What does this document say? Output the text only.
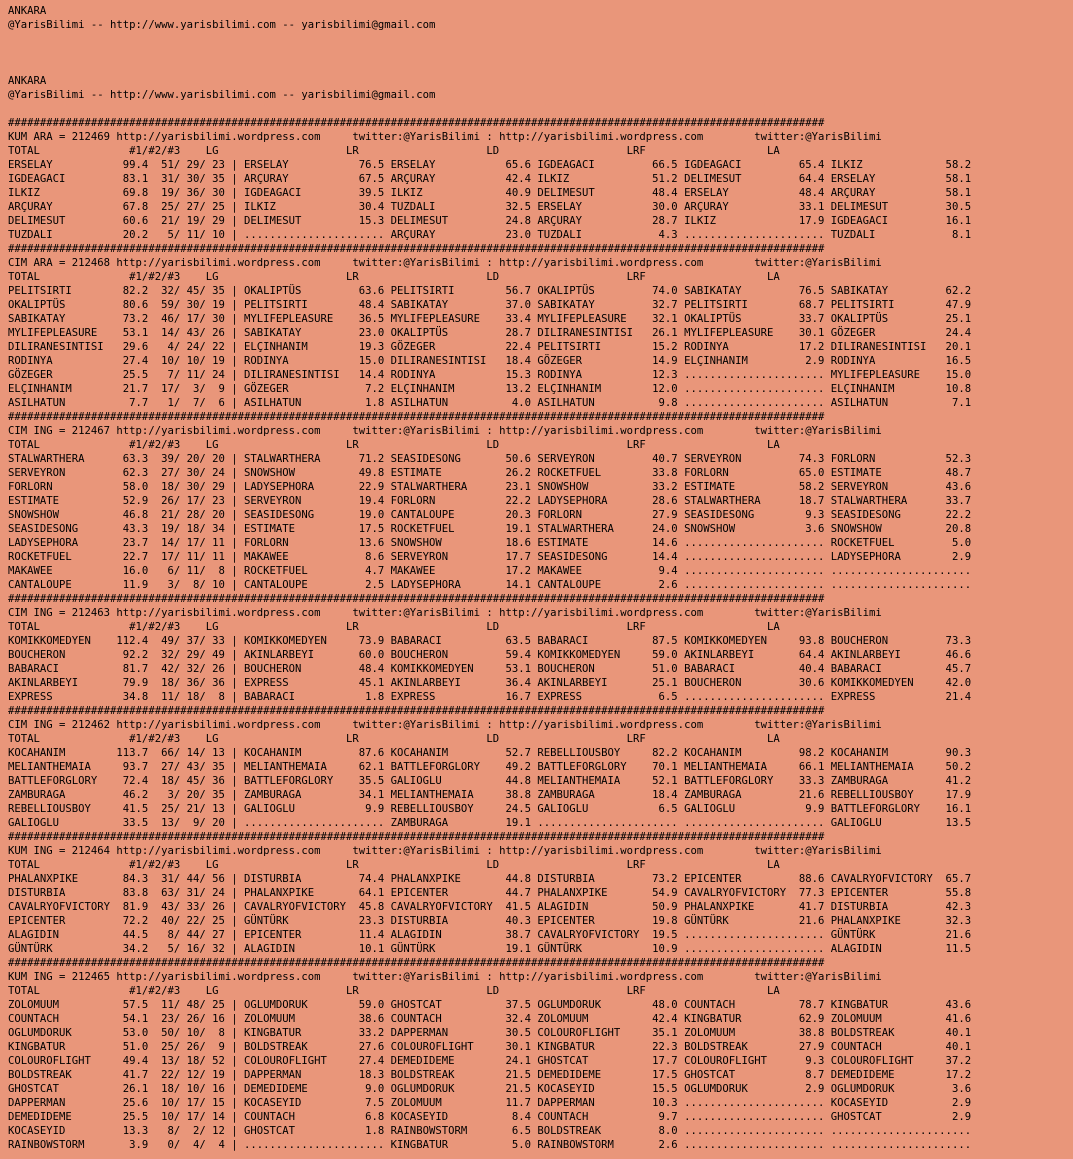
ANKARA
@YarisBilimi -- http://www.yarisbilimi.com -- yarisbilimi@gmail.com
ANKARA
@YarisBilimi -- http://www.yarisbilimi.com -- yarisbilimi@gmail.com
################################################################################################################################
KUM ARA = 212469 http://yarisbilimi.wordpress.com     twitter:@YarisBilimi : http://yarisbilimi.wordpress.com        twitter:@YarisBilimi
TOTAL              #1/#2/#3    LG                    LR                    LD                    LRF                   LA
ERSELAY           99.4  51/ 29/ 23 | ERSELAY           76.5 ERSELAY           65.6 IGDEAGACI         66.5 IGDEAGACI         65.4 ILKIZ             58.2
IGDEAGACI         83.1  31/ 30/ 35 | ARÇURAY           67.5 ARÇURAY           42.4 ILKIZ             51.2 DELIMESUT         64.4 ERSELAY           58.1
ILKIZ             69.8  19/ 36/ 30 | IGDEAGACI         39.5 ILKIZ             40.9 DELIMESUT         48.4 ERSELAY           48.4 ARÇURAY           58.1
ARÇURAY           67.8  25/ 27/ 25 | ILKIZ             30.4 TUZDALI           32.5 ERSELAY           30.0 ARÇURAY           33.1 DELIMESUT         30.5
DELIMESUT         60.6  21/ 19/ 29 | DELIMESUT         15.3 DELIMESUT         24.8 ARÇURAY           28.7 ILKIZ             17.9 IGDEAGACI         16.1
TUZDALI           20.2   5/ 11/ 10 | ...................... ARÇURAY           23.0 TUZDALI            4.3 ...................... TUZDALI            8.1
################################################################################################################################
CIM ARA = 212468 http://yarisbilimi.wordpress.com     twitter:@YarisBilimi : http://yarisbilimi.wordpress.com        twitter:@YarisBilimi
TOTAL              #1/#2/#3    LG                    LR                    LD                    LRF                   LA
PELITSIRTI        82.2  32/ 45/ 35 | OKALIPTÜS         63.6 PELITSIRTI        56.7 OKALIPTÜS         74.0 SABIKATAY         76.5 SABIKATAY         62.2
OKALIPTÜS         80.6  59/ 30/ 19 | PELITSIRTI        48.4 SABIKATAY         37.0 SABIKATAY         32.7 PELITSIRTI        68.7 PELITSIRTI        47.9
SABIKATAY         73.2  46/ 17/ 30 | MYLIFEPLEASURE    36.5 MYLIFEPLEASURE    33.4 MYLIFEPLEASURE    32.1 OKALIPTÜS         33.7 OKALIPTÜS         25.1
MYLIFEPLEASURE    53.1  14/ 43/ 26 | SABIKATAY         23.0 OKALIPTÜS         28.7 DILIRANESINTISI   26.1 MYLIFEPLEASURE    30.1 GÖZEGER           24.4
DILIRANESINTISI   29.6   4/ 24/ 22 | ELÇINHANIM        19.3 GÖZEGER           22.4 PELITSIRTI        15.2 RODINYA           17.2 DILIRANESINTISI   20.1
RODINYA           27.4  10/ 10/ 19 | RODINYA           15.0 DILIRANESINTISI   18.4 GÖZEGER           14.9 ELÇINHANIM         2.9 RODINYA           16.5
GÖZEGER           25.5   7/ 11/ 24 | DILIRANESINTISI   14.4 RODINYA           15.3 RODINYA           12.3 ...................... MYLIFEPLEASURE    15.0
ELÇINHANIM        21.7  17/  3/  9 | GÖZEGER            7.2 ELÇINHANIM        13.2 ELÇINHANIM        12.0 ...................... ELÇINHANIM        10.8
ASILHATUN          7.7   1/  7/  6 | ASILHATUN          1.8 ASILHATUN          4.0 ASILHATUN          9.8 ...................... ASILHATUN          7.1
################################################################################################################################
CIM ING = 212467 http://yarisbilimi.wordpress.com     twitter:@YarisBilimi : http://yarisbilimi.wordpress.com        twitter:@YarisBilimi
TOTAL              #1/#2/#3    LG                    LR                    LD                    LRF                   LA
STALWARTHERA      63.3  39/ 20/ 20 | STALWARTHERA      71.2 SEASIDESONG       50.6 SERVEYRON         40.7 SERVEYRON         74.3 FORLORN           52.3
SERVEYRON         62.3  27/ 30/ 24 | SNOWSHOW          49.8 ESTIMATE          26.2 ROCKETFUEL        33.8 FORLORN           65.0 ESTIMATE          48.7
FORLORN           58.0  18/ 30/ 29 | LADYSEPHORA       22.9 STALWARTHERA      23.1 SNOWSHOW          33.2 ESTIMATE          58.2 SERVEYRON         43.6
ESTIMATE          52.9  26/ 17/ 23 | SERVEYRON         19.4 FORLORN           22.2 LADYSEPHORA       28.6 STALWARTHERA      18.7 STALWARTHERA      33.7
SNOWSHOW          46.8  21/ 28/ 20 | SEASIDESONG       19.0 CANTALOUPE        20.3 FORLORN           27.9 SEASIDESONG        9.3 SEASIDESONG       22.2
SEASIDESONG       43.3  19/ 18/ 34 | ESTIMATE          17.5 ROCKETFUEL        19.1 STALWARTHERA      24.0 SNOWSHOW           3.6 SNOWSHOW          20.8
LADYSEPHORA       23.7  14/ 17/ 11 | FORLORN           13.6 SNOWSHOW          18.6 ESTIMATE          14.6 ...................... ROCKETFUEL         5.0
ROCKETFUEL        22.7  17/ 11/ 11 | MAKAWEE            8.6 SERVEYRON         17.7 SEASIDESONG       14.4 ...................... LADYSEPHORA        2.9
MAKAWEE           16.0   6/ 11/  8 | ROCKETFUEL         4.7 MAKAWEE           17.2 MAKAWEE            9.4 ...................... ......................
CANTALOUPE        11.9   3/  8/ 10 | CANTALOUPE         2.5 LADYSEPHORA       14.1 CANTALOUPE         2.6 ...................... ......................
################################################################################################################################
CIM ING = 212463 http://yarisbilimi.wordpress.com     twitter:@YarisBilimi : http://yarisbilimi.wordpress.com        twitter:@YarisBilimi
TOTAL              #1/#2/#3    LG                    LR                    LD                    LRF                   LA
KOMIKKOMEDYEN    112.4  49/ 37/ 33 | KOMIKKOMEDYEN     73.9 BABARACI          63.5 BABARACI          87.5 KOMIKKOMEDYEN     93.8 BOUCHERON         73.3
BOUCHERON         92.2  32/ 29/ 49 | AKINLARBEYI       60.0 BOUCHERON         59.4 KOMIKKOMEDYEN     59.0 AKINLARBEYI       64.4 AKINLARBEYI       46.6
BABARACI          81.7  42/ 32/ 26 | BOUCHERON         48.4 KOMIKKOMEDYEN     53.1 BOUCHERON         51.0 BABARACI          40.4 BABARACI          45.7
AKINLARBEYI       79.9  18/ 36/ 36 | EXPRESS           45.1 AKINLARBEYI       36.4 AKINLARBEYI       25.1 BOUCHERON         30.6 KOMIKKOMEDYEN     42.0
EXPRESS           34.8  11/ 18/  8 | BABARACI           1.8 EXPRESS           16.7 EXPRESS            6.5 ...................... EXPRESS           21.4
################################################################################################################################
CIM ING = 212462 http://yarisbilimi.wordpress.com     twitter:@YarisBilimi : http://yarisbilimi.wordpress.com        twitter:@YarisBilimi
TOTAL              #1/#2/#3    LG                    LR                    LD                    LRF                   LA
KOCAHANIM        113.7  66/ 14/ 13 | KOCAHANIM         87.6 KOCAHANIM         52.7 REBELLIOUSBOY     82.2 KOCAHANIM         98.2 KOCAHANIM         90.3
MELIANTHEMAIA     93.7  27/ 43/ 35 | MELIANTHEMAIA     62.1 BATTLEFORGLORY    49.2 BATTLEFORGLORY    70.1 MELIANTHEMAIA     66.1 MELIANTHEMAIA     50.2
BATTLEFORGLORY    72.4  18/ 45/ 36 | BATTLEFORGLORY    35.5 GALIOGLU          44.8 MELIANTHEMAIA     52.1 BATTLEFORGLORY    33.3 ZAMBURAGA         41.2
ZAMBURAGA         46.2   3/ 20/ 35 | ZAMBURAGA         34.1 MELIANTHEMAIA     38.8 ZAMBURAGA         18.4 ZAMBURAGA         21.6 REBELLIOUSBOY     17.9
REBELLIOUSBOY     41.5  25/ 21/ 13 | GALIOGLU           9.9 REBELLIOUSBOY     24.5 GALIOGLU           6.5 GALIOGLU           9.9 BATTLEFORGLORY    16.1
GALIOGLU          33.5  13/  9/ 20 | ...................... ZAMBURAGA         19.1 ...................... ...................... GALIOGLU          13.5
################################################################################################################################
KUM ING = 212464 http://yarisbilimi.wordpress.com     twitter:@YarisBilimi : http://yarisbilimi.wordpress.com        twitter:@YarisBilimi
TOTAL              #1/#2/#3    LG                    LR                    LD                    LRF                   LA
PHALANXPIKE       84.3  31/ 44/ 56 | DISTURBIA         74.4 PHALANXPIKE       44.8 DISTURBIA         73.2 EPICENTER         88.6 CAVALRYOFVICTORY  65.7
DISTURBIA         83.8  63/ 31/ 24 | PHALANXPIKE       64.1 EPICENTER         44.7 PHALANXPIKE       54.9 CAVALRYOFVICTORY  77.3 EPICENTER         55.8
CAVALRYOFVICTORY  81.9  43/ 33/ 26 | CAVALRYOFVICTORY  45.8 CAVALRYOFVICTORY  41.5 ALAGIDIN          50.9 PHALANXPIKE       41.7 DISTURBIA         42.3
EPICENTER         72.2  40/ 22/ 25 | GÜNTÜRK           23.3 DISTURBIA         40.3 EPICENTER         19.8 GÜNTÜRK           21.6 PHALANXPIKE       32.3
ALAGIDIN          44.5   8/ 44/ 27 | EPICENTER         11.4 ALAGIDIN          38.7 CAVALRYOFVICTORY  19.5 ...................... GÜNTÜRK           21.6
GÜNTÜRK           34.2   5/ 16/ 32 | ALAGIDIN          10.1 GÜNTÜRK           19.1 GÜNTÜRK           10.9 ...................... ALAGIDIN          11.5
################################################################################################################################
KUM ING = 212465 http://yarisbilimi.wordpress.com     twitter:@YarisBilimi : http://yarisbilimi.wordpress.com        twitter:@YarisBilimi
TOTAL              #1/#2/#3    LG                    LR                    LD                    LRF                   LA
ZOLOMUUM          57.5  11/ 48/ 25 | OGLUMDORUK        59.0 GHOSTCAT          37.5 OGLUMDORUK        48.0 COUNTACH          78.7 KINGBATUR         43.6
COUNTACH          54.1  23/ 26/ 16 | ZOLOMUUM          38.6 COUNTACH          32.4 ZOLOMUUM          42.4 KINGBATUR         62.9 ZOLOMUUM          41.6
OGLUMDORUK        53.0  50/ 10/  8 | KINGBATUR         33.2 DAPPERMAN         30.5 COLOUROFLIGHT     35.1 ZOLOMUUM          38.8 BOLDSTREAK        40.1
KINGBATUR         51.0  25/ 26/  9 | BOLDSTREAK        27.6 COLOUROFLIGHT     30.1 KINGBATUR         22.3 BOLDSTREAK        27.9 COUNTACH          40.1
COLOUROFLIGHT     49.4  13/ 18/ 52 | COLOUROFLIGHT     27.4 DEMEDIDEME        24.1 GHOSTCAT          17.7 COLOUROFLIGHT      9.3 COLOUROFLIGHT     37.2
BOLDSTREAK        41.7  22/ 12/ 19 | DAPPERMAN         18.3 BOLDSTREAK        21.5 DEMEDIDEME        17.5 GHOSTCAT           8.7 DEMEDIDEME        17.2
GHOSTCAT          26.1  18/ 10/ 16 | DEMEDIDEME         9.0 OGLUMDORUK        21.5 KOCASEYID         15.5 OGLUMDORUK         2.9 OGLUMDORUK         3.6
DAPPERMAN         25.6  10/ 17/ 15 | KOCASEYID          7.5 ZOLOMUUM          11.7 DAPPERMAN         10.3 ...................... KOCASEYID          2.9
DEMEDIDEME        25.5  10/ 17/ 14 | COUNTACH           6.8 KOCASEYID          8.4 COUNTACH           9.7 ...................... GHOSTCAT           2.9
KOCASEYID         13.3   8/  2/ 12 | GHOSTCAT           1.8 RAINBOWSTORM       6.5 BOLDSTREAK         8.0 ...................... ......................
RAINBOWSTORM       3.9   0/  4/  4 | ...................... KINGBATUR          5.0 RAINBOWSTORM       2.6 ...................... ......................
